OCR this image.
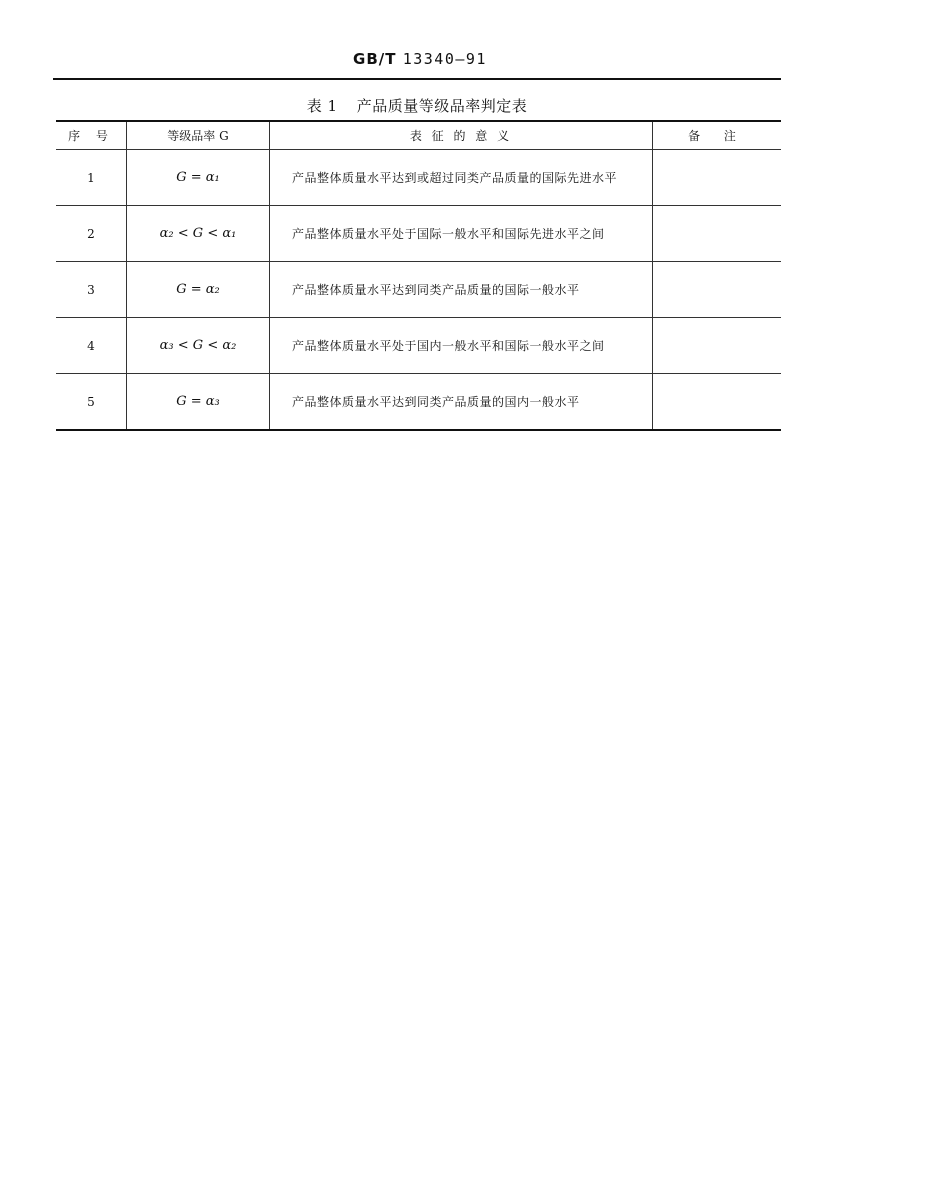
GB/T 13340—91
表 1 产品质量等级品率判定表
序 号	等级品率 G	表 征 的 意 义	备 注
1	G = α₁	产品整体质量水平达到或超过同类产品质量的国际先进水平	

2	α₂ < G < α₁	产品整体质量水平处于国际一般水平和国际先进水平之间	

3	G = α₂	产品整体质量水平达到同类产品质量的国际一般水平	

4	α₃ < G < α₂	产品整体质量水平处于国内一般水平和国际一般水平之间	

5	G = α₃	产品整体质量水平达到同类产品质量的国内一般水平	
